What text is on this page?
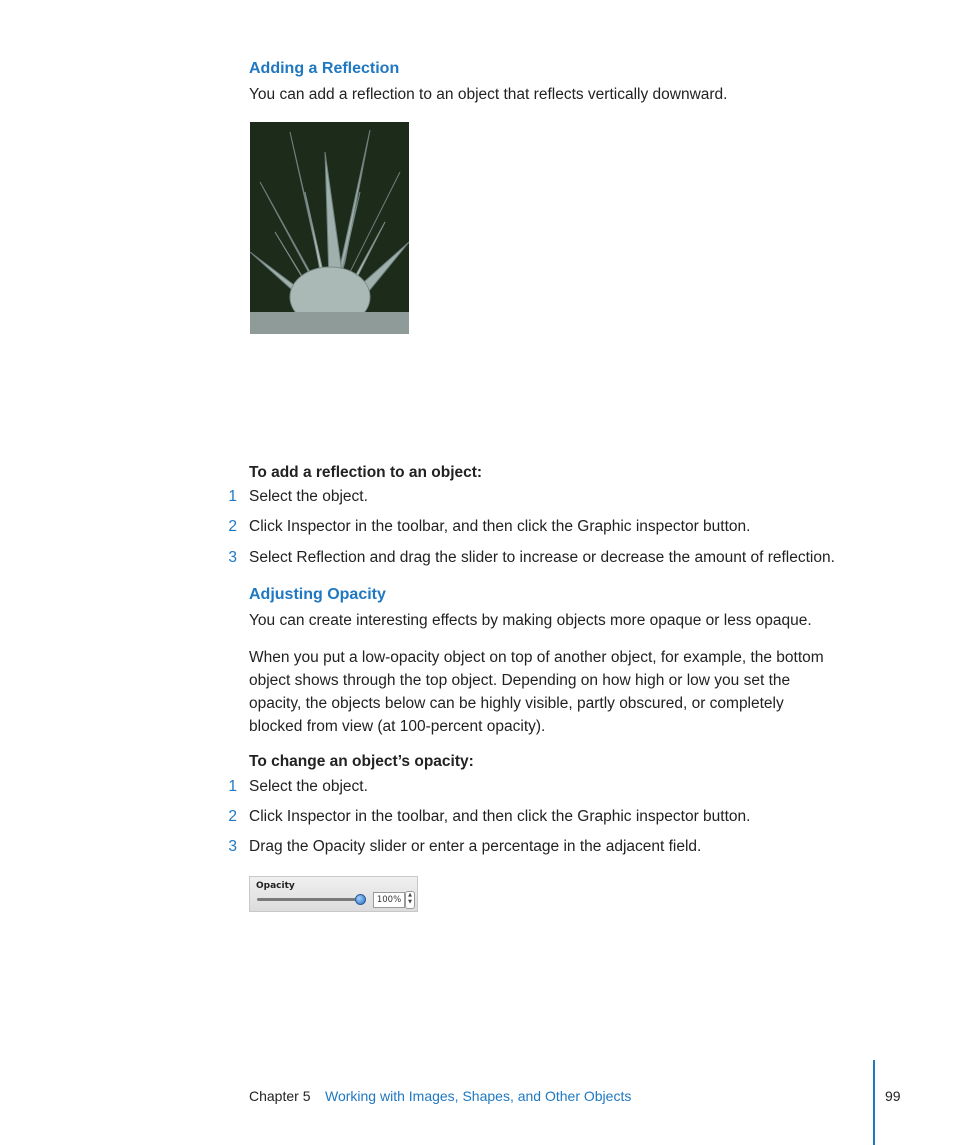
Adding a Reflection
You can add a reflection to an object that reflects vertically downward.
To add a reflection to an object:
1 Select the object.
2 Click Inspector in the toolbar, and then click the Graphic inspector button.
3 Select Reflection and drag the slider to increase or decrease the amount of reflection.
Adjusting Opacity
You can create interesting effects by making objects more opaque or less opaque.
When you put a low-opacity object on top of another object, for example, the bottom
object shows through the top object. Depending on how high or low you set the
opacity, the objects below can be highly visible, partly obscured, or completely
blocked from view (at 100-percent opacity).
To change an object’s opacity:
1 Select the object.
2 Click Inspector in the toolbar, and then click the Graphic inspector button.
3 Drag the Opacity slider or enter a percentage in the adjacent field.
Opacity
100%	▲
▼
Chapter 5 Working with Images, Shapes, and Other Objects	99
